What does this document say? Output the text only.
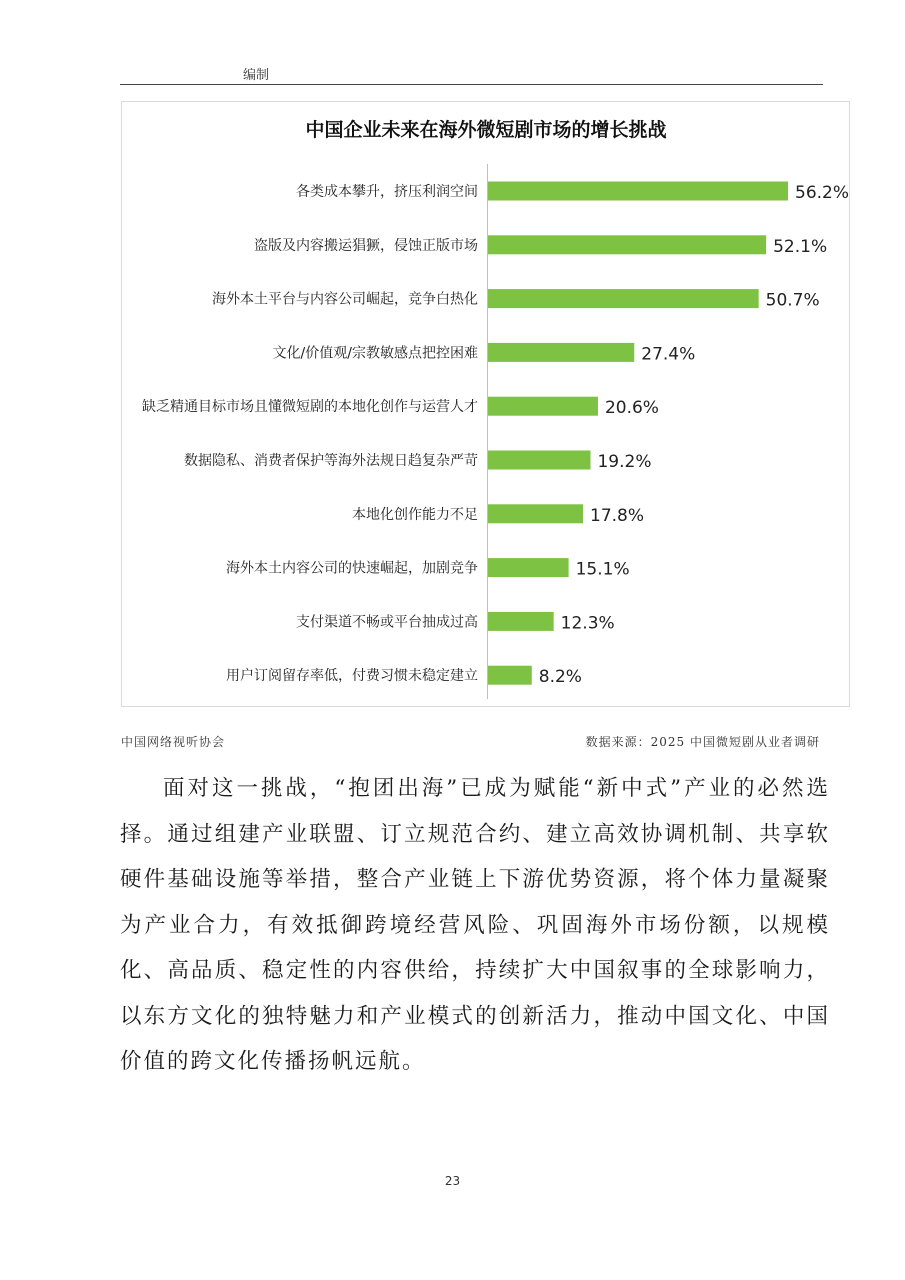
编制
中国企业未来在海外微短剧市场的增长挑战
各类成本攀升，挤压利润空间	56.2%
盗版及内容搬运猖獗，侵蚀正版市场	52.1%
海外本土平台与内容公司崛起，竞争白热化	50.7%
文化/价值观/宗教敏感点把控困难	27.4%
缺乏精通目标市场且懂微短剧的本地化创作与运营人才	20.6%
数据隐私、消费者保护等海外法规日趋复杂严苛	19.2%
本地化创作能力不足	17.8%
海外本土内容公司的快速崛起，加剧竞争	15.1%
支付渠道不畅或平台抽成过高	12.3%
用户订阅留存率低，付费习惯未稳定建立	8.2%
中国网络视听协会	数据来源：2025 中国微短剧从业者调研

面对这一挑战，“抱团出海”已成为赋能“新中式”产业的必然选择。通过组建产业联盟、订立规范合约、建立高效协调机制、共享软硬件基础设施等举措，整合产业链上下游优势资源，将个体力量凝聚为产业合力，有效抵御跨境经营风险、巩固海外市场份额，以规模化、高品质、稳定性的内容供给，持续扩大中国叙事的全球影响力，以东方文化的独特魅力和产业模式的创新活力，推动中国文化、中国价值的跨文化传播扬帆远航。

23
